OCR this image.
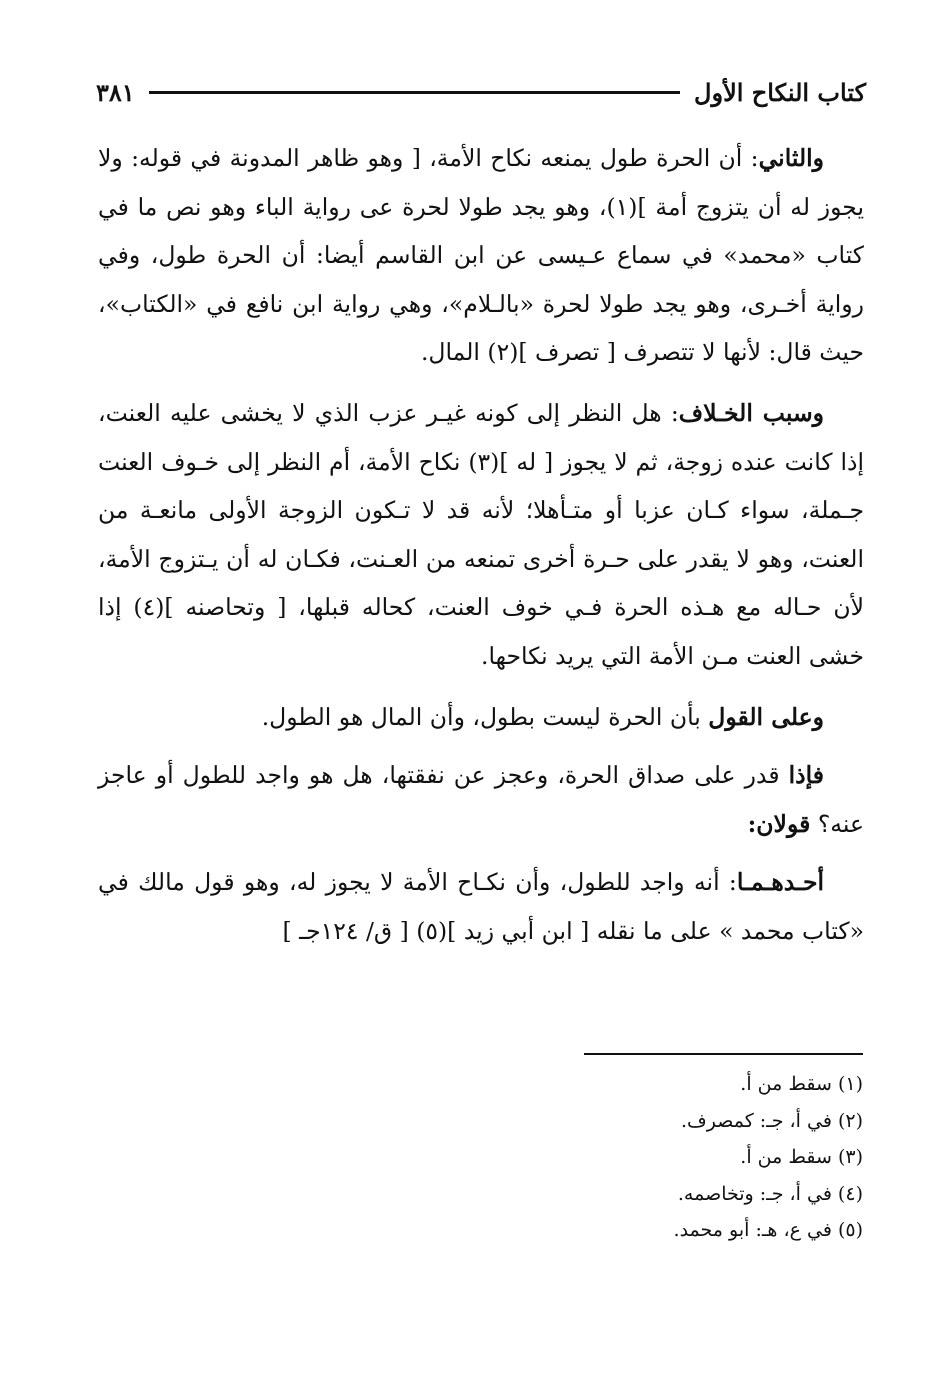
كتاب النكاح الأول
٣٨١

والثاني: أن الحرة طول يمنعه نكاح الأمة، [ وهو ظاهر المدونة في قوله: ولا يجوز له أن يتزوج أمة ](١)، وهو يجد طولا لحرة عى رواية الباء وهو نص ما في كتاب «محمد» في سماع عـيسى عن ابن القاسم أيضا: أن الحرة طول، وفي رواية أخـرى، وهو يجد طولا لحرة «بالـلام»، وهي رواية ابن نافع في «الكتاب»، حيث قال: لأنها لا تتصرف [ تصرف ](٢) المال.

وسبب الخـلاف: هل النظر إلى كونه غيـر عزب الذي لا يخشى عليه العنت، إذا كانت عنده زوجة، ثم لا يجوز [ له ](٣) نكاح الأمة، أم النظر إلى خـوف العنت جـملة، سواء كـان عزبا أو متـأهلا؛ لأنه قد لا تـكون الزوجة الأولى مانعـة من العنت، وهو لا يقدر على حـرة أخرى تمنعه من العـنت، فكـان له أن يـتزوج الأمة، لأن حـاله مع هـذه الحرة فـي خوف العنت، كحاله قبلها، [ وتحاصنه ](٤) إذا خشى العنت مـن الأمة التي يريد نكاحها.

وعلى القول بأن الحرة ليست بطول، وأن المال هو الطول.

فإذا قدر على صداق الحرة، وعجز عن نفقتها، هل هو واجد للطول أو عاجز عنه؟ قولان:

أحـدهـمـا: أنه واجد للطول، وأن نكـاح الأمة لا يجوز له، وهو قول مالك في «كتاب محمد » على ما نقله [ ابن أبي زيد ](٥) [ ق/ ١٢٤جـ ]

(١) سقط من أ.
(٢) في أ، جـ: كمصرف.
(٣) سقط من أ.
(٤) في أ، جـ: وتخاصمه.
(٥) في ع، هـ: أبو محمد.
